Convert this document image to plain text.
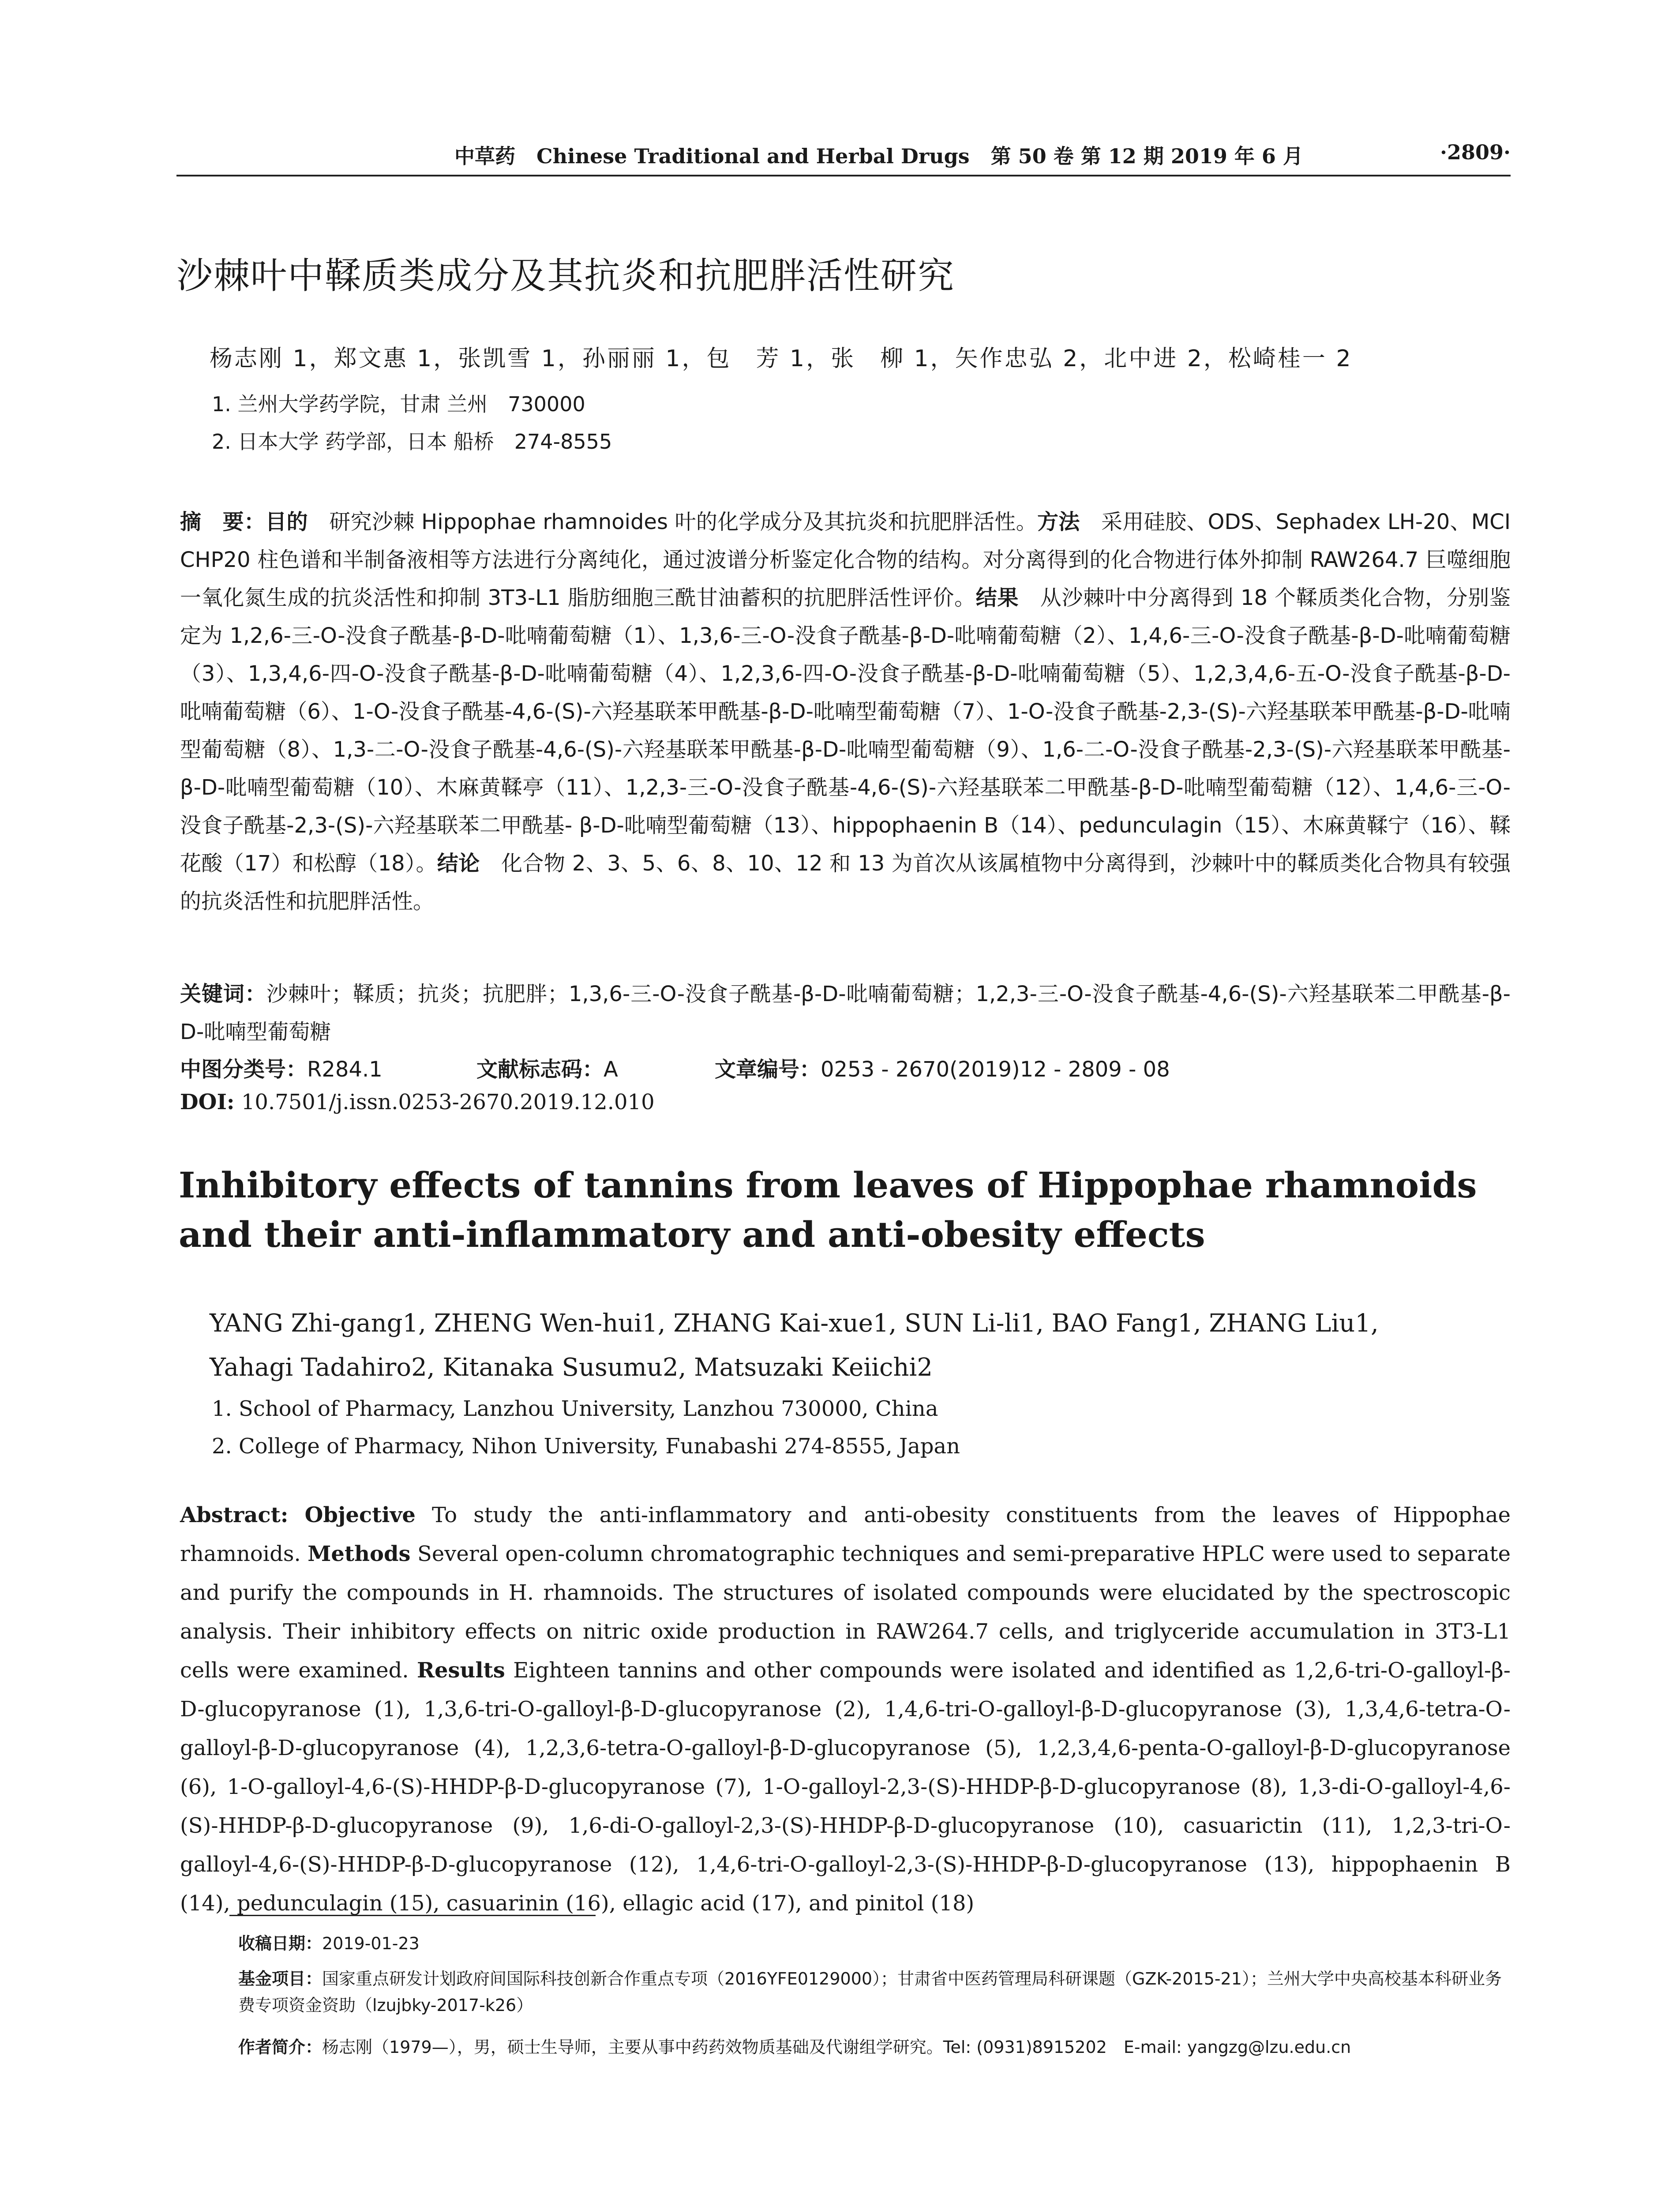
中草药 Chinese Traditional and Herbal Drugs 第 50 卷 第 12 期 2019 年 6 月	·2809·
沙棘叶中鞣质类成分及其抗炎和抗肥胖活性研究
杨志刚 1，郑文惠 1，张凯雪 1，孙丽丽 1，包　芳 1，张　柳 1，矢作忠弘 2，北中进 2，松崎桂一 2
1. 兰州大学药学院，甘肃 兰州　730000
2. 日本大学 药学部，日本 船桥　274-8555
摘　要：目的　研究沙棘 Hippophae rhamnoides 叶的化学成分及其抗炎和抗肥胖活性。方法　采用硅胶、ODS、Sephadex LH-20、MCI CHP20 柱色谱和半制备液相等方法进行分离纯化，通过波谱分析鉴定化合物的结构。对分离得到的化合物进行体外抑制 RAW264.7 巨噬细胞一氧化氮生成的抗炎活性和抑制 3T3-L1 脂肪细胞三酰甘油蓄积的抗肥胖活性评价。结果　从沙棘叶中分离得到 18 个鞣质类化合物，分别鉴定为 1,2,6-三-O-没食子酰基-β-D-吡喃葡萄糖（1）、1,3,6-三-O-没食子酰基-β-D-吡喃葡萄糖（2）、1,4,6-三-O-没食子酰基-β-D-吡喃葡萄糖（3）、1,3,4,6-四-O-没食子酰基-β-D-吡喃葡萄糖（4）、1,2,3,6-四-O-没食子酰基-β-D-吡喃葡萄糖（5）、1,2,3,4,6-五-O-没食子酰基-β-D-吡喃葡萄糖（6）、1-O-没食子酰基-4,6-(S)-六羟基联苯甲酰基-β-D-吡喃型葡萄糖（7）、1-O-没食子酰基-2,3-(S)-六羟基联苯甲酰基-β-D-吡喃型葡萄糖（8）、1,3-二-O-没食子酰基-4,6-(S)-六羟基联苯甲酰基-β-D-吡喃型葡萄糖（9）、1,6-二-O-没食子酰基-2,3-(S)-六羟基联苯甲酰基-β-D-吡喃型葡萄糖（10）、木麻黄鞣亭（11）、1,2,3-三-O-没食子酰基-4,6-(S)-六羟基联苯二甲酰基-β-D-吡喃型葡萄糖（12）、1,4,6-三-O-没食子酰基-2,3-(S)-六羟基联苯二甲酰基- β-D-吡喃型葡萄糖（13）、hippophaenin B（14）、pedunculagin（15）、木麻黄鞣宁（16）、鞣花酸（17）和松醇（18）。结论　化合物 2、3、5、6、8、10、12 和 13 为首次从该属植物中分离得到，沙棘叶中的鞣质类化合物具有较强的抗炎活性和抗肥胖活性。
关键词：沙棘叶；鞣质；抗炎；抗肥胖；1,3,6-三-O-没食子酰基-β-D-吡喃葡萄糖；1,2,3-三-O-没食子酰基-4,6-(S)-六羟基联苯二甲酰基-β-D-吡喃型葡萄糖
中图分类号：R284.1	文献标志码：A	文章编号：0253 - 2670(2019)12 - 2809 - 08
DOI: 10.7501/j.issn.0253-2670.2019.12.010
Inhibitory effects of tannins from leaves of Hippophae rhamnoids and their anti-inflammatory and anti-obesity effects
YANG Zhi-gang1, ZHENG Wen-hui1, ZHANG Kai-xue1, SUN Li-li1, BAO Fang1, ZHANG Liu1,
Yahagi Tadahiro2, Kitanaka Susumu2, Matsuzaki Keiichi2
1. School of Pharmacy, Lanzhou University, Lanzhou 730000, China
2. College of Pharmacy, Nihon University, Funabashi 274-8555, Japan
Abstract: Objective To study the anti-inflammatory and anti-obesity constituents from the leaves of Hippophae rhamnoids. Methods Several open-column chromatographic techniques and semi-preparative HPLC were used to separate and purify the compounds in H. rhamnoids. The structures of isolated compounds were elucidated by the spectroscopic analysis. Their inhibitory effects on nitric oxide production in RAW264.7 cells, and triglyceride accumulation in 3T3-L1 cells were examined. Results Eighteen tannins and other compounds were isolated and identified as 1,2,6-tri-O-galloyl-β-D-glucopyranose (1), 1,3,6-tri-O-galloyl-β-D-glucopyranose (2), 1,4,6-tri-O-galloyl-β-D-glucopyranose (3), 1,3,4,6-tetra-O-galloyl-β-D-glucopyranose (4), 1,2,3,6-tetra-O-galloyl-β-D-glucopyranose (5), 1,2,3,4,6-penta-O-galloyl-β-D-glucopyranose (6), 1-O-galloyl-4,6-(S)-HHDP-β-D-glucopyranose (7), 1-O-galloyl-2,3-(S)-HHDP-β-D-glucopyranose (8), 1,3-di-O-galloyl-4,6-(S)-HHDP-β-D-glucopyranose (9), 1,6-di-O-galloyl-2,3-(S)-HHDP-β-D-glucopyranose (10), casuarictin (11), 1,2,3-tri-O-galloyl-4,6-(S)-HHDP-β-D-glucopyranose (12), 1,4,6-tri-O-galloyl-2,3-(S)-HHDP-β-D-glucopyranose (13), hippophaenin B (14), pedunculagin (15), casuarinin (16), ellagic acid (17), and pinitol (18)
收稿日期：2019-01-23
基金项目：国家重点研发计划政府间国际科技创新合作重点专项（2016YFE0129000）；甘肃省中医药管理局科研课题（GZK-2015-21）；兰州大学中央高校基本科研业务费专项资金资助（lzujbky-2017-k26）
作者简介：杨志刚（1979—），男，硕士生导师，主要从事中药药效物质基础及代谢组学研究。Tel: (0931)8915202　E-mail: yangzg@lzu.edu.cn
